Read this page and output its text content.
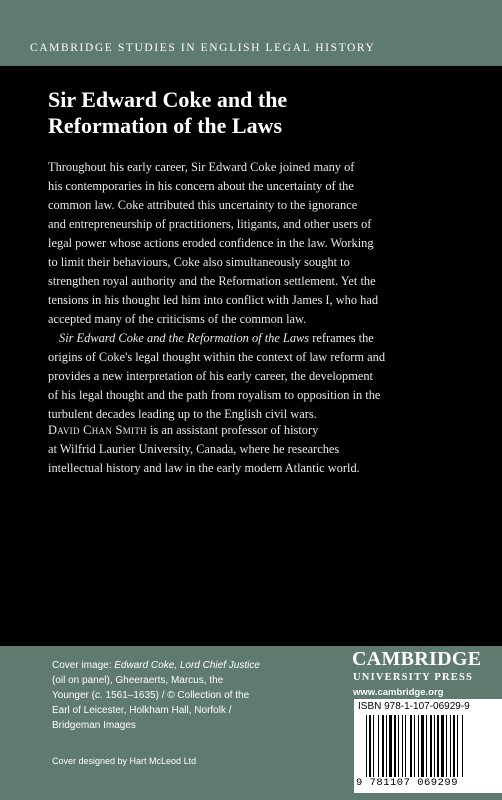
CAMBRIDGE STUDIES IN ENGLISH LEGAL HISTORY
Sir Edward Coke and the
Reformation of the Laws
Throughout his early career, Sir Edward Coke joined many of
his contemporaries in his concern about the uncertainty of the
common law. Coke attributed this uncertainty to the ignorance
and entrepreneurship of practitioners, litigants, and other users of
legal power whose actions eroded confidence in the law. Working
to limit their behaviours, Coke also simultaneously sought to
strengthen royal authority and the Reformation settlement. Yet the
tensions in his thought led him into conflict with James I, who had
accepted many of the criticisms of the common law.
Sir Edward Coke and the Reformation of the Laws reframes the
origins of Coke's legal thought within the context of law reform and
provides a new interpretation of his early career, the development
of his legal thought and the path from royalism to opposition in the
turbulent decades leading up to the English civil wars.
David Chan Smith is an assistant professor of history
at Wilfrid Laurier University, Canada, where he researches
intellectual history and law in the early modern Atlantic world.
Cover image: Edward Coke, Lord Chief Justice
(oil on panel), Gheeraerts, Marcus, the
Younger (c. 1561–1635) / © Collection of the
Earl of Leicester, Holkham Hall, Norfolk /
Bridgeman Images
Cover designed by Hart McLeod Ltd
CAMBRIDGE
UNIVERSITY PRESS
www.cambridge.org
ISBN 978-1-107-06929-9
9 781107 069299
